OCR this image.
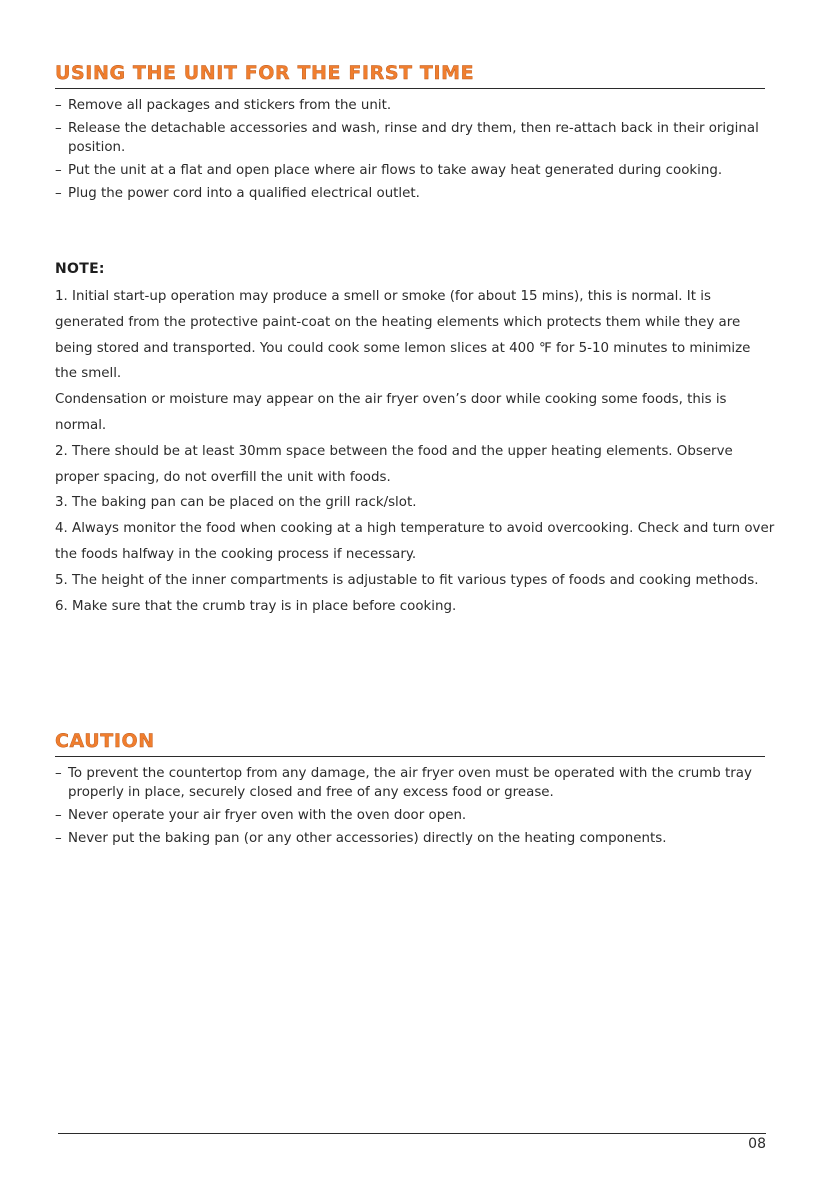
USING THE UNIT FOR THE FIRST TIME
– Remove all packages and stickers from the unit.
– Release the detachable accessories and wash, rinse and dry them, then re-attach back in their original position.
– Put the unit at a flat and open place where air flows to take away heat generated during cooking.
– Plug the power cord into a qualified electrical outlet.
NOTE:

1. Initial start-up operation may produce a smell or smoke (for about 15 mins), this is normal. It is generated from the protective paint-coat on the heating elements which protects them while they are being stored and transported. You could cook some lemon slices at 400 ℉ for 5-10 minutes to minimize the smell.

Condensation or moisture may appear on the air fryer oven’s door while cooking some foods, this is normal.

2. There should be at least 30mm space between the food and the upper heating elements. Observe proper spacing, do not overfill the unit with foods.

3. The baking pan can be placed on the grill rack/slot.

4. Always monitor the food when cooking at a high temperature to avoid overcooking. Check and turn over the foods halfway in the cooking process if necessary.

5. The height of the inner compartments is adjustable to fit various types of foods and cooking methods.

6. Make sure that the crumb tray is in place before cooking.

CAUTION
– To prevent the countertop from any damage, the air fryer oven must be operated with the crumb tray properly in place, securely closed and free of any excess food or grease.
– Never operate your air fryer oven with the oven door open.
– Never put the baking pan (or any other accessories) directly on the heating components.
08
